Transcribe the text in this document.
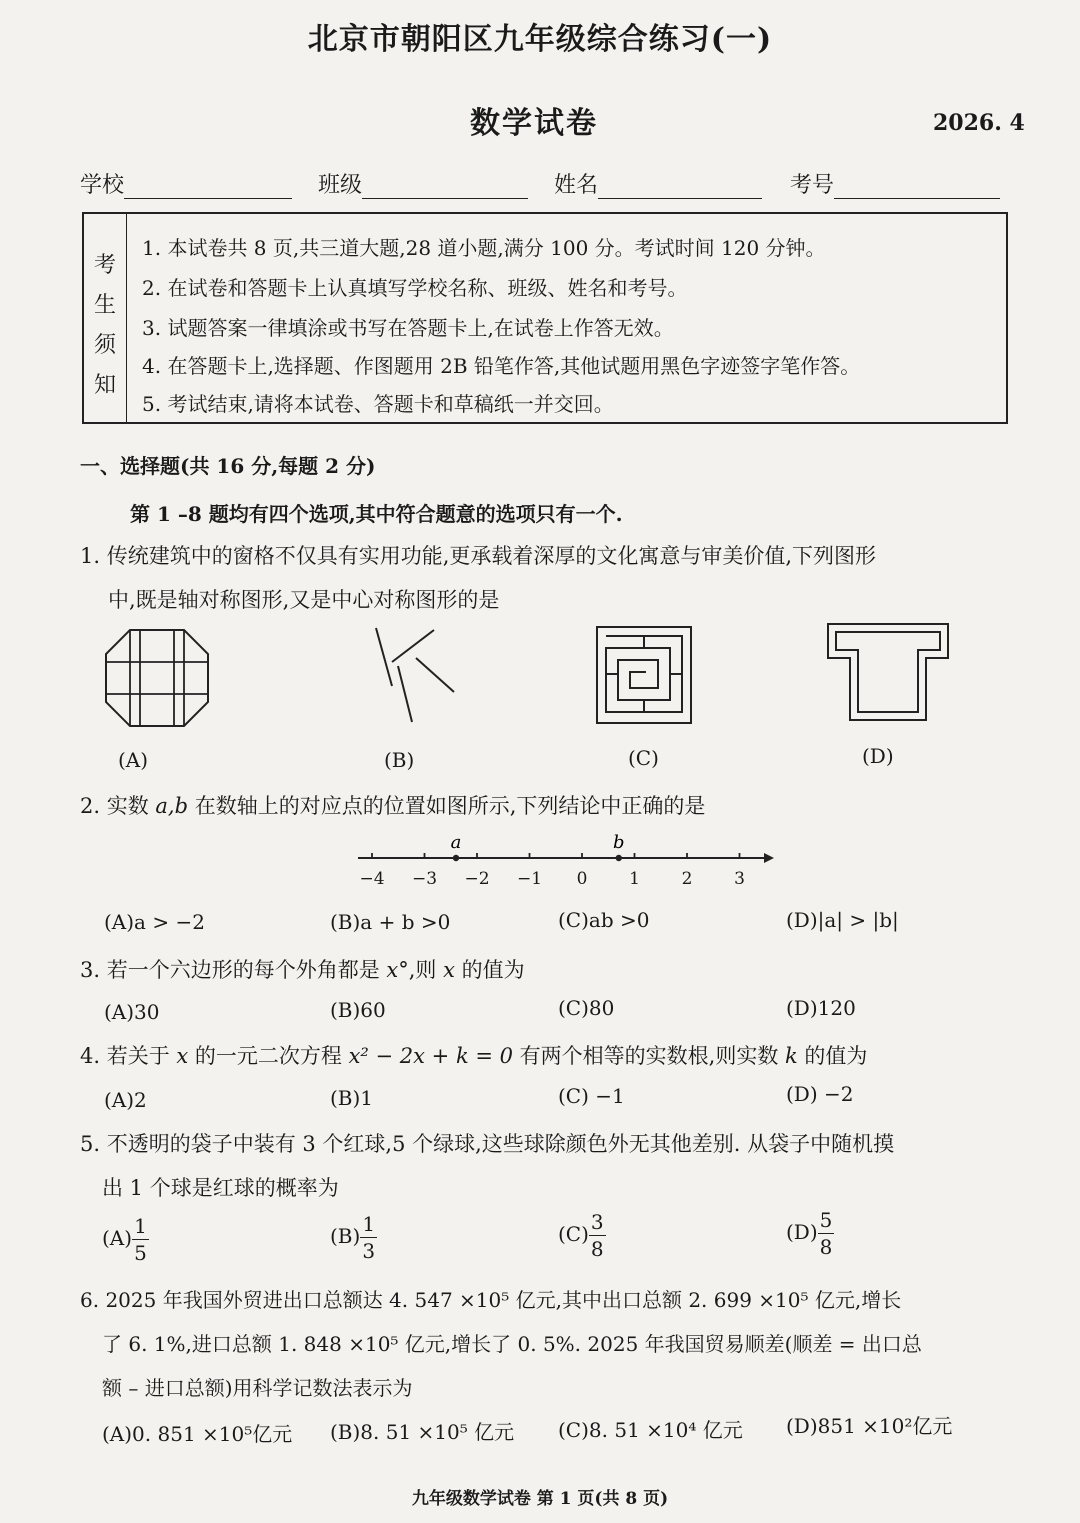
北京市朝阳区九年级综合练习(一)
数学试卷	2026. 4
学校	班级	姓名	考号
考
生
须
知
1. 本试卷共 8 页,共三道大题,28 道小题,满分 100 分。考试时间 120 分钟。
2. 在试卷和答题卡上认真填写学校名称、班级、姓名和考号。
3. 试题答案一律填涂或书写在答题卡上,在试卷上作答无效。
4. 在答题卡上,选择题、作图题用 2B 铅笔作答,其他试题用黑色字迹签字笔作答。
5. 考试结束,请将本试卷、答题卡和草稿纸一并交回。
一、选择题(共 16 分,每题 2 分)
第 1 –8 题均有四个选项,其中符合题意的选项只有一个.
1. 传统建筑中的窗格不仅具有实用功能,更承载着深厚的文化寓意与审美价值,下列图形
中,既是轴对称图形,又是中心对称图形的是
(A)	(B)	(C)	(D)
2. 实数 a,b 在数轴上的对应点的位置如图所示,下列结论中正确的是
−4 −3 −2 −1 0 1 2 3
a	b
(A)a > −2	(B)a + b >0	(C)ab >0	(D)|a| > |b|
3. 若一个六边形的每个外角都是 x°,则 x 的值为
(A)30	(B)60	(C)80	(D)120
4. 若关于 x 的一元二次方程 x² − 2x + k = 0 有两个相等的实数根,则实数 k 的值为
(A)2	(B)1	(C) −1	(D) −2
5. 不透明的袋子中装有 3 个红球,5 个绿球,这些球除颜色外无其他差别. 从袋子中随机摸
出 1 个球是红球的概率为
$(A) \frac{1}{5}$	$(B) \frac{1}{3}$	$(C) \frac{3}{8}$	$(D) \frac{5}{8}$
6. 2025 年我国外贸进出口总额达 4. 547 ×10⁵ 亿元,其中出口总额 2. 699 ×10⁵ 亿元,增长
了 6. 1%,进口总额 1. 848 ×10⁵ 亿元,增长了 0. 5%. 2025 年我国贸易顺差(顺差 = 出口总
额 – 进口总额)用科学记数法表示为
(A)0. 851 ×10⁵亿元 (B)8. 51 ×10⁵ 亿元 (C)8. 51 ×10⁴ 亿元 (D)851 ×10²亿元
九年级数学试卷 第 1 页(共 8 页)
